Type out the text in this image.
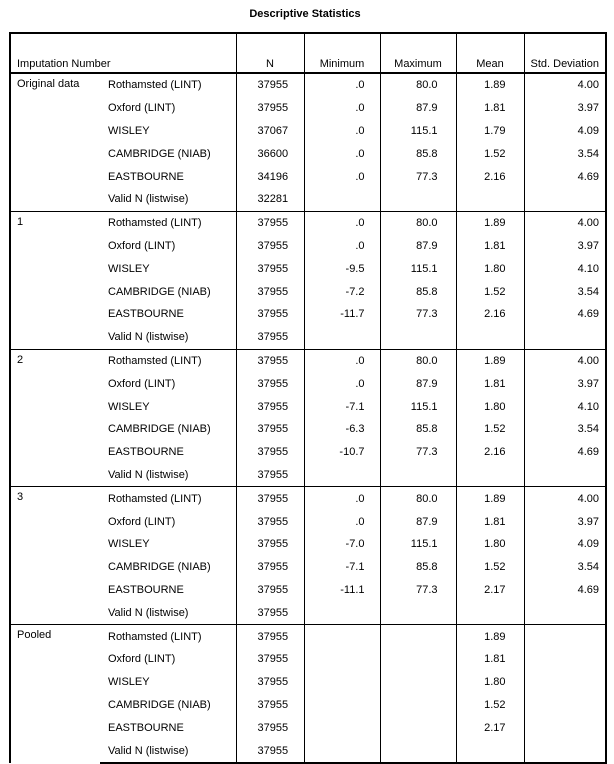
Descriptive Statistics
Imputation Number		N	Minimum	Maximum	Mean	Std. Deviation
Original data	Rothamsted (LINT)	37955	.0	80.0	1.89	4.00
	Oxford (LINT)	37955	.0	87.9	1.81	3.97
	WISLEY	37067	.0	115.1	1.79	4.09
	CAMBRIDGE (NIAB)	36600	.0	85.8	1.52	3.54
	EASTBOURNE	34196	.0	77.3	2.16	4.69
	Valid N (listwise)	32281				
1	Rothamsted (LINT)	37955	.0	80.0	1.89	4.00
	Oxford (LINT)	37955	.0	87.9	1.81	3.97
	WISLEY	37955	-9.5	115.1	1.80	4.10
	CAMBRIDGE (NIAB)	37955	-7.2	85.8	1.52	3.54
	EASTBOURNE	37955	-11.7	77.3	2.16	4.69
	Valid N (listwise)	37955				
2	Rothamsted (LINT)	37955	.0	80.0	1.89	4.00
	Oxford (LINT)	37955	.0	87.9	1.81	3.97
	WISLEY	37955	-7.1	115.1	1.80	4.10
	CAMBRIDGE (NIAB)	37955	-6.3	85.8	1.52	3.54
	EASTBOURNE	37955	-10.7	77.3	2.16	4.69
	Valid N (listwise)	37955				
3	Rothamsted (LINT)	37955	.0	80.0	1.89	4.00
	Oxford (LINT)	37955	.0	87.9	1.81	3.97
	WISLEY	37955	-7.0	115.1	1.80	4.09
	CAMBRIDGE (NIAB)	37955	-7.1	85.8	1.52	3.54
	EASTBOURNE	37955	-11.1	77.3	2.17	4.69
	Valid N (listwise)	37955				
Pooled	Rothamsted (LINT)	37955			1.89	
	Oxford (LINT)	37955			1.81	
	WISLEY	37955			1.80	
	CAMBRIDGE (NIAB)	37955			1.52	
	EASTBOURNE	37955			2.17	
	Valid N (listwise)	37955				
